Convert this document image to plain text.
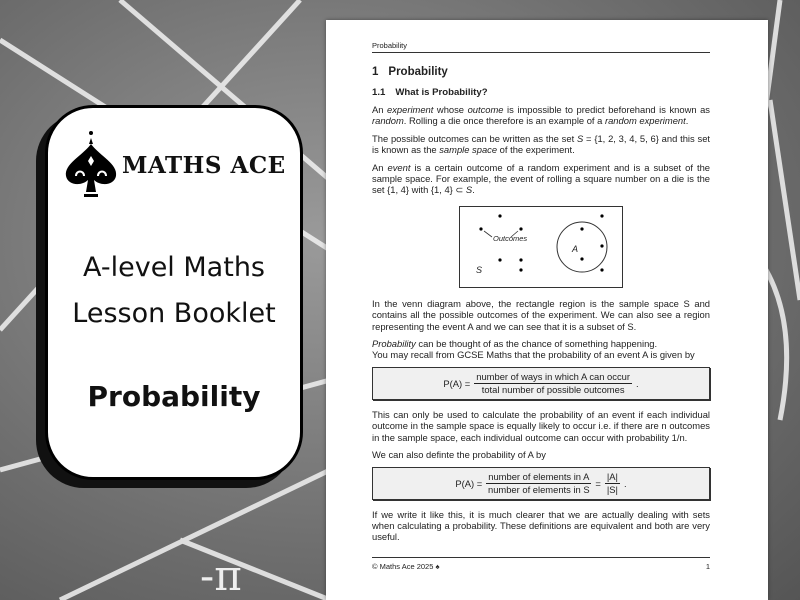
-π
MATHS ACE
A-level Maths
Lesson Booklet
Probability
Probability
1 Probability
1.1 What is Probability?
An experiment whose outcome is impossible to predict beforehand is known as random. Rolling a die once therefore is an example of a random experiment.
The possible outcomes can be written as the set S = {1, 2, 3, 4, 5, 6} and this set is known as the sample space of the experiment.
An event is a certain outcome of a random experiment and is a subset of the sample space. For example, the event of rolling a square number on a die is the set {1, 4} with {1, 4} ⊂ S.
Outcomes
A
S
In the venn diagram above, the rectangle region is the sample space S and contains all the possible outcomes of the experiment. We can also see a region representing the event A and we can see that it is a subset of S.
Probability can be thought of as the chance of something happening.
You may recall from GCSE Maths that the probability of an event A is given by
$P(A) = \frac{\text{number of ways in which A can occur}}{\text{total number of possible outcomes}}$ .
This can only be used to calculate the probability of an event if each individual outcome in the sample space is equally likely to occur i.e. if there are n outcomes in the sample space, each individual outcome can occur with probability 1/n.
We can also definte the probability of A by
$P(A) = \frac{\text{number of elements in A}}{\text{number of elements in S}} = \frac{|A|}{|S|}$ .
If we write it like this, it is much clearer that we are actually dealing with sets when calculating a probability. These definitions are equivalent and both are very useful.
© Maths Ace 2025 ♠	1
